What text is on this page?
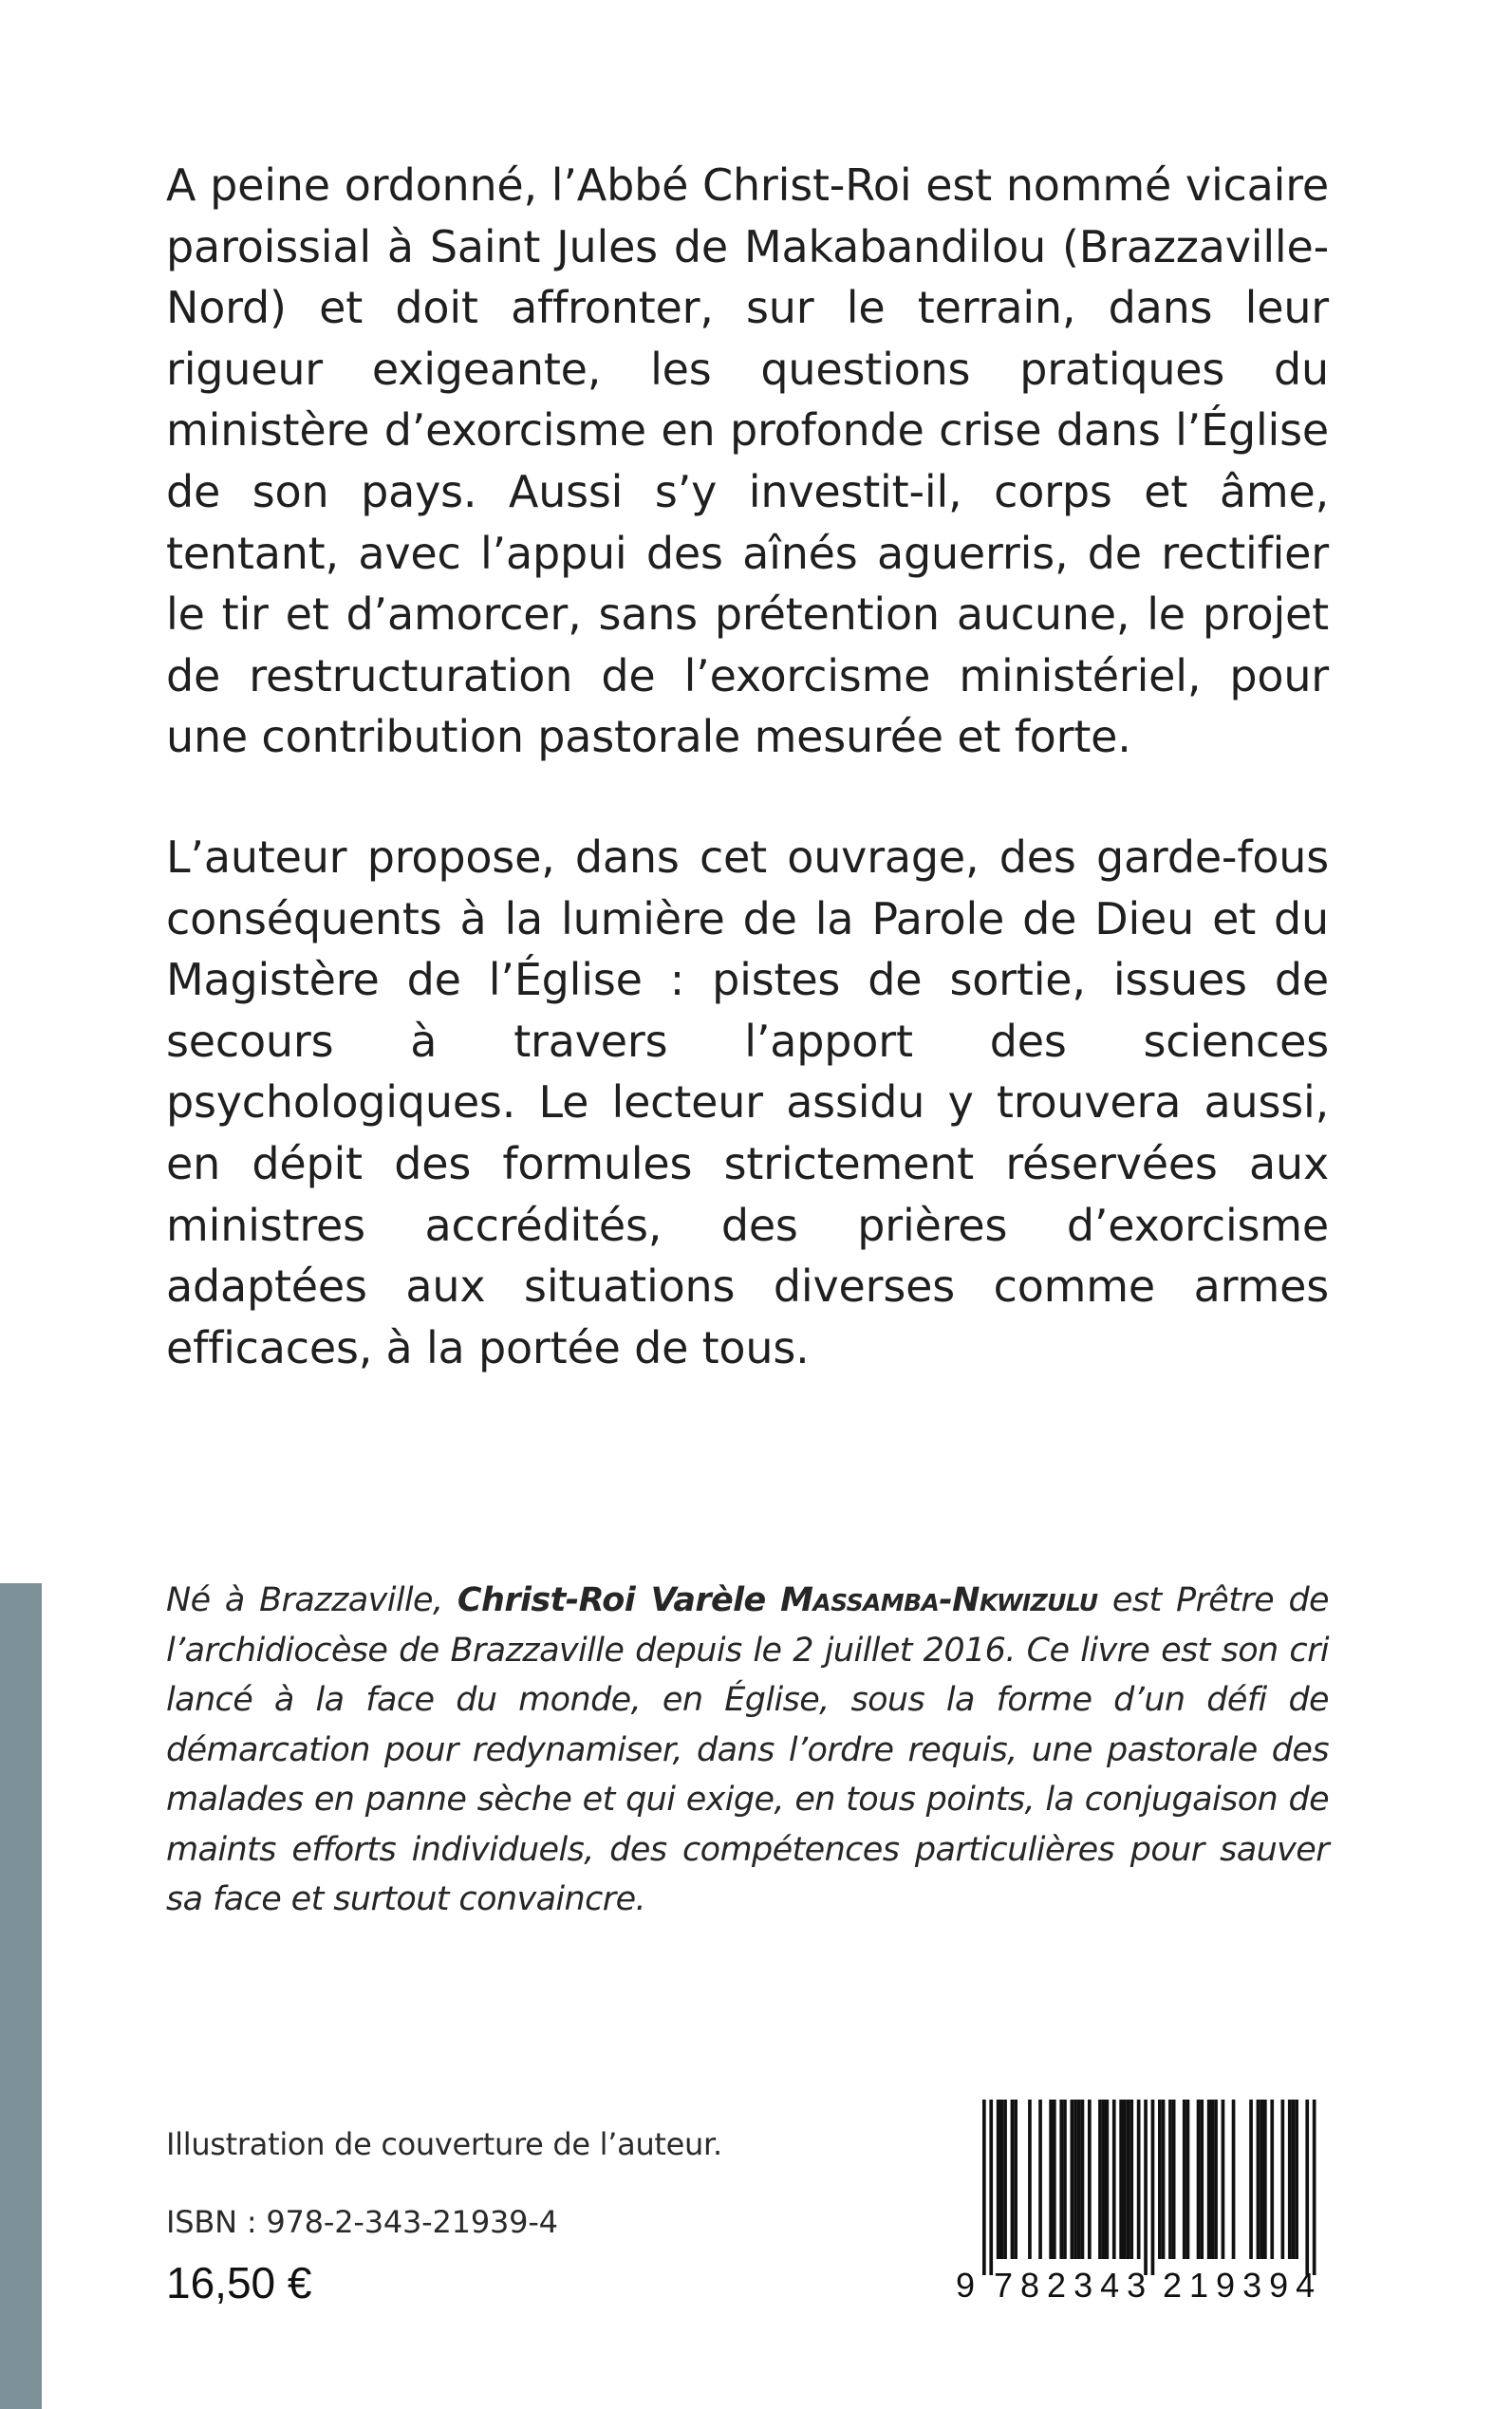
A peine ordonné, l’Abbé Christ-Roi est nommé vicaire paroissial à Saint Jules de Makabandilou (Brazzaville-Nord) et doit affronter, sur le terrain, dans leur rigueur exigeante, les questions pratiques du ministère d’exorcisme en profonde crise dans l’Église de son pays. Aussi s’y investit-il, corps et âme, tentant, avec l’appui des aînés aguerris, de rectifier le tir et d’amorcer, sans prétention aucune, le projet de restructuration de l’exorcisme ministériel, pour une contribution pastorale mesurée et forte.

L’auteur propose, dans cet ouvrage, des garde-fous conséquents à la lumière de la Parole de Dieu et du Magistère de l’Église : pistes de sortie, issues de secours à travers l’apport des sciences psychologiques. Le lecteur assidu y trouvera aussi, en dépit des formules strictement réservées aux ministres accrédités, des prières d’exorcisme adaptées aux situations diverses comme armes efficaces, à la portée de tous.

Né à Brazzaville, Christ-Roi Varèle Massamba-Nkwizulu est Prêtre de l’archidiocèse de Brazzaville depuis le 2 juillet 2016. Ce livre est son cri lancé à la face du monde, en Église, sous la forme d’un défi de démarcation pour redynamiser, dans l’ordre requis, une pastorale des malades en panne sèche et qui exige, en tous points, la conjugaison de maints efforts individuels, des compétences particulières pour sauver sa face et surtout convaincre.

Illustration de couverture de l’auteur.
ISBN : 978-2-343-21939-4
16,50 €	9 782343 219394
